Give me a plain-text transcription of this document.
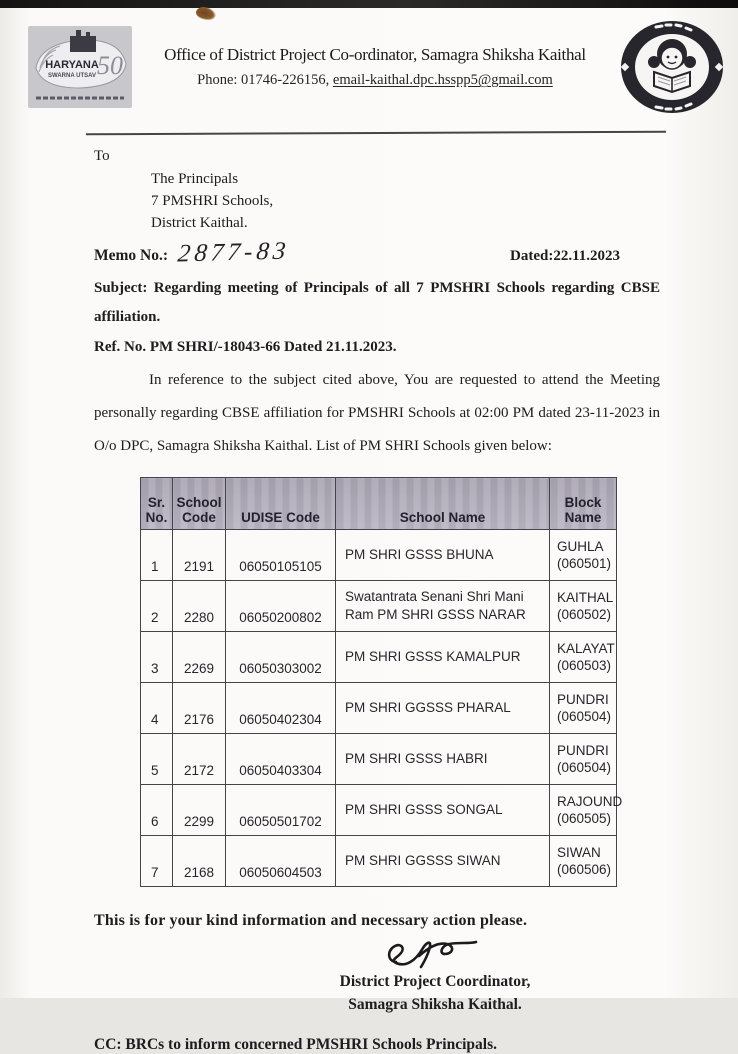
HARYANA
SWARNA UTSAV 50	Office of District Project Co-ordinator, Samagra Shiksha Kaithal
Phone: 01746-226156, email-kaithal.dpc.hsspp5@gmail.com
To
The Principals
7 PMSHRI Schools,
District Kaithal.
Memo No.: 2877-83	Dated:22.11.2023

Subject: Regarding meeting of Principals of all 7 PMSHRI Schools regarding CBSE affiliation.

Ref. No. PM SHRI/-18043-66 Dated 21.11.2023.

In reference to the subject cited above, You are requested to attend the Meeting personally regarding CBSE affiliation for PMSHRI Schools at 02:00 PM dated 23-11-2023 in O/o DPC, Samagra Shiksha Kaithal. List of PM SHRI Schools given below:

Sr. No.	School Code	UDISE Code	School Name	Block Name
1	2191	06050105105	PM SHRI GSSS BHUNA	GUHLA
(060501)
2	2280	06050200802	Swatantrata Senani Shri Mani Ram PM SHRI GSSS NARAR	KAITHAL
(060502)
3	2269	06050303002	PM SHRI GSSS KAMALPUR	KALAYAT
(060503)
4	2176	06050402304	PM SHRI GGSSS PHARAL	PUNDRI
(060504)
5	2172	06050403304	PM SHRI GSSS HABRI	PUNDRI
(060504)
6	2299	06050501702	PM SHRI GSSS SONGAL	RAJOUND
(060505)
7	2168	06050604503	PM SHRI GGSSS SIWAN	SIWAN
(060506)
This is for your kind information and necessary action please.
District Project Coordinator,
Samagra Shiksha Kaithal.
CC: BRCs to inform concerned PMSHRI Schools Principals.
